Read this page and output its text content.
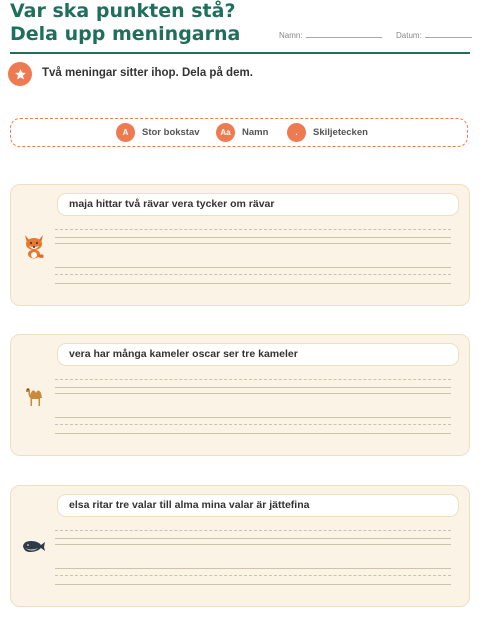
Var ska punkten stå? Dela upp meningarna	Namn:	Datum:
Två meningar sitter ihop. Dela på dem.
A	Stor bokstav	Aa	Namn	.	Skiljetecken
maja hittar två rävar vera tycker om rävar
vera har många kameler oscar ser tre kameler
elsa ritar tre valar till alma mina valar är jättefina
